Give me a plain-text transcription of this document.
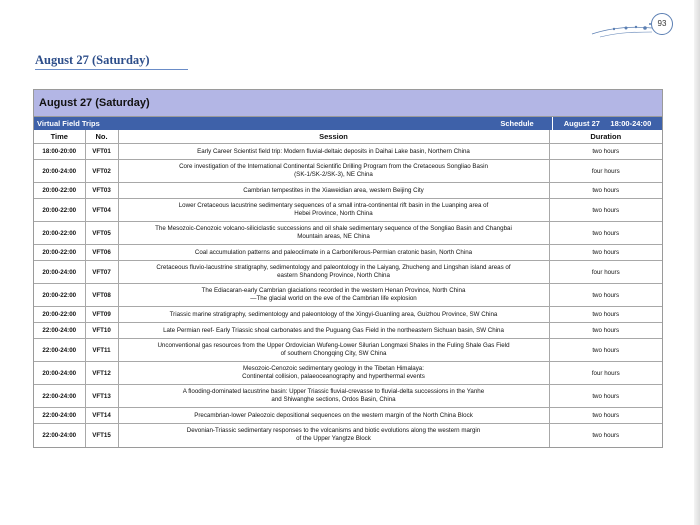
93
August 27 (Saturday)
August 27 (Saturday)
Virtual Field Trips	Schedule	August 27     18:00-24:00
Time	No.	Session	Duration
18:00-20:00	VFT01	Early Career Scientist field trip: Modern fluvial-deltaic deposits in Daihai Lake basin, Northern China	two hours
20:00-24:00	VFT02	Core investigation of the International Continental Scientific Drilling Program from the Cretaceous Songliao Basin
(SK-1/SK-2/SK-3), NE China	four hours
20:00-22:00	VFT03	Cambrian tempestites in the Xiaweidian area, western Beijing City	two hours
20:00-22:00	VFT04	Lower Cretaceous lacustrine sedimentary sequences of a small intra-continental rift basin in the Luanping area of
Hebei Province, North China	two hours
20:00-22:00	VFT05	The Mesozoic-Cenozoic volcano-siliciclastic successions and oil shale sedimentary sequence of the Songliao Basin and Changbai
Mountain areas, NE China	two hours
20:00-22:00	VFT06	Coal accumulation patterns and paleoclimate in a Carboniferous-Permian cratonic basin, North China	two hours
20:00-24:00	VFT07	Cretaceous fluvio-lacustrine stratigraphy, sedimentology and paleontology in the Laiyang, Zhucheng and Lingshan island areas of
eastern Shandong Province, North China	four hours
20:00-22:00	VFT08	The Ediacaran-early Cambrian glaciations recorded in the western Henan Province, North China
—The glacial world on the eve of the Cambrian life explosion	two hours
20:00-22:00	VFT09	Triassic marine stratigraphy, sedimentology and paleontology of the Xingyi-Guanling area, Guizhou Province, SW China	two hours
22:00-24:00	VFT10	Late Permian reef- Early Triassic shoal carbonates and the Puguang Gas Field in the northeastern Sichuan basin, SW China	two hours
22:00-24:00	VFT11	Unconventional gas resources from the Upper Ordovician Wufeng-Lower Silurian Longmaxi Shales in the Fuling Shale Gas Field
of southern Chongqing City, SW China	two hours
20:00-24:00	VFT12	Mesozoic-Cenozoic sedimentary geology in the Tibetan Himalaya:
Continental collision, palaeoceanography and hyperthermal events	four hours
22:00-24:00	VFT13	A flooding-dominated lacustrine basin: Upper Triassic fluvial-crevasse to fluvial-delta successions in the Yanhe
and Shiwanghe sections, Ordos Basin, China	two hours
22:00-24:00	VFT14	Precambrian-lower Paleozoic depositional sequences on the western margin of the North China Block	two hours
22:00-24:00	VFT15	Devonian-Triassic sedimentary responses to the volcanisms and biotic evolutions along the western margin
of the Upper Yangtze Block	two hours
